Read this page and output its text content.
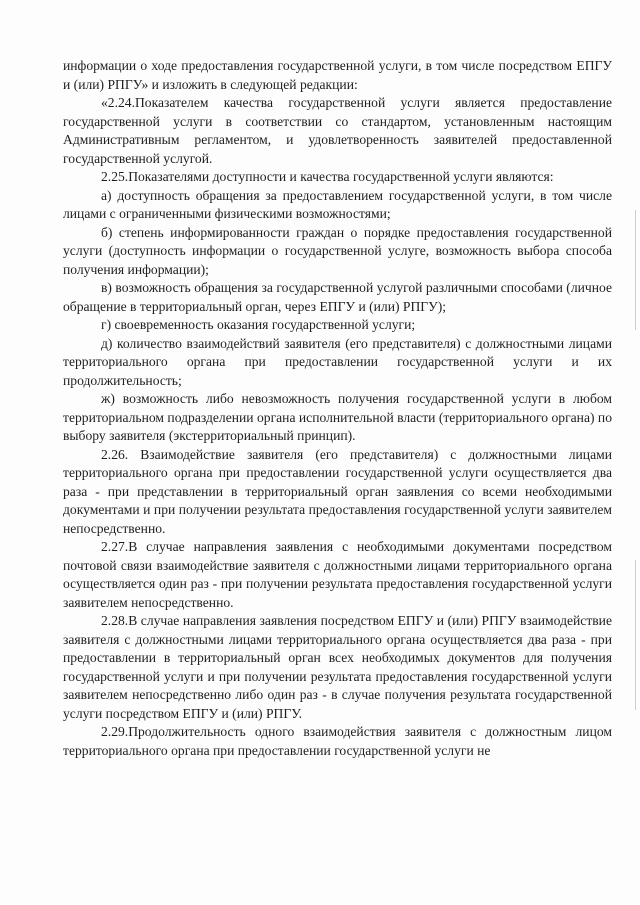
информации о ходе предоставления государственной услуги, в том числе посредством ЕПГУ и (или) РПГУ» и изложить в следующей редакции:

«2.24.Показателем качества государственной услуги является предоставление государственной услуги в соответствии со стандартом, установленным настоящим Административным регламентом, и удовлетворенность заявителей предоставленной государственной услугой.

2.25.Показателями доступности и качества государственной услуги являются:

а) доступность обращения за предоставлением государственной услуги, в том числе лицами с ограниченными физическими возможностями;

б) степень информированности граждан о порядке предоставления государственной услуги (доступность информации о государственной услуге, возможность выбора способа получения информации);

в) возможность обращения за государственной услугой различными способами (личное обращение в территориальный орган, через ЕПГУ и (или) РПГУ);

г) своевременность оказания государственной услуги;

д) количество взаимодействий заявителя (его представителя) с должностными лицами территориального органа при предоставлении государственной услуги и их продолжительность;

ж) возможность либо невозможность получения государственной услуги в любом территориальном подразделении органа исполнительной власти (территориального органа) по выбору заявителя (экстерриториальный принцип).

2.26. Взаимодействие заявителя (его представителя) с должностными лицами территориального органа при предоставлении государственной услуги осуществляется два раза - при представлении в территориальный орган заявления со всеми необходимыми документами и при получении результата предоставления государственной услуги заявителем непосредственно.

2.27.В случае направления заявления с необходимыми документами посредством почтовой связи взаимодействие заявителя с должностными лицами территориального органа осуществляется один раз - при получении результата предоставления государственной услуги заявителем непосредственно.

2.28.В случае направления заявления посредством ЕПГУ и (или) РПГУ взаимодействие заявителя с должностными лицами территориального органа осуществляется два раза - при предоставлении в территориальный орган всех необходимых документов для получения государственной услуги и при получении результата предоставления государственной услуги заявителем непосредственно либо один раз - в случае получения результата государственной услуги посредством ЕПГУ и (или) РПГУ.

2.29.Продолжительность одного взаимодействия заявителя с должностным лицом территориального органа при предоставлении государственной услуги не
